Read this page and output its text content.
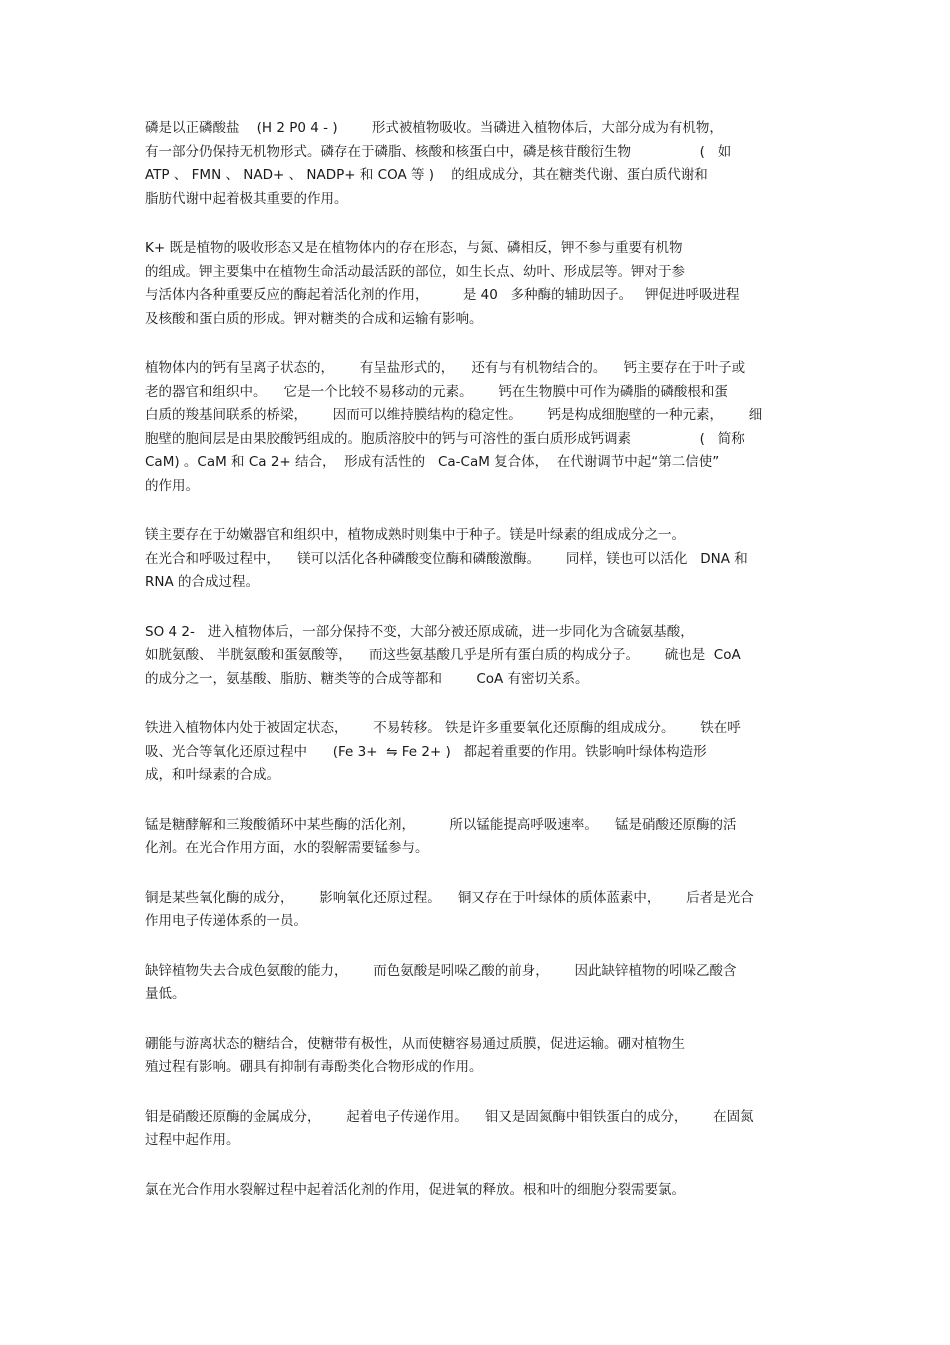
磷是以正磷酸盐    (H 2 P0 4 - )        形式被植物吸收。当磷进入植物体后，大部分成为有机物，
有一部分仍保持无机物形式。磷存在于磷脂、核酸和核蛋白中，磷是核苷酸衍生物                (   如
ATP 、 FMN 、 NAD+ 、 NADP+ 和 COA 等 )    的组成成分，其在糖类代谢、蛋白质代谢和
脂肪代谢中起着极其重要的作用。
K+ 既是植物的吸收形态又是在植物体内的存在形态，与氮、磷相反，钾不参与重要有机物
的组成。钾主要集中在植物生命活动最活跃的部位，如生长点、幼叶、形成层等。钾对于参
与活体内各种重要反应的酶起着活化剂的作用，        是 40   多种酶的辅助因子。   钾促进呼吸进程
及核酸和蛋白质的形成。钾对糖类的合成和运输有影响。
植物体内的钙有呈离子状态的，      有呈盐形式的，    还有与有机物结合的。    钙主要存在于叶子或
老的器官和组织中。    它是一个比较不易移动的元素。      钙在生物膜中可作为磷脂的磷酸根和蛋
白质的羧基间联系的桥梁，      因而可以维持膜结构的稳定性。      钙是构成细胞壁的一种元素，      细
胞壁的胞间层是由果胶酸钙组成的。胞质溶胶中的钙与可溶性的蛋白质形成钙调素                (   简称
CaM) 。CaM 和 Ca 2+ 结合，  形成有活性的   Ca-CaM 复合体，  在代谢调节中起“第二信使”
的作用。
镁主要存在于幼嫩器官和组织中，植物成熟时则集中于种子。镁是叶绿素的组成成分之一。
在光合和呼吸过程中，    镁可以活化各种磷酸变位酶和磷酸激酶。      同样，镁也可以活化   DNA 和
RNA 的合成过程。
SO 4 2-   进入植物体后，一部分保持不变，大部分被还原成硫，进一步同化为含硫氨基酸，
如胱氨酸、 半胱氨酸和蛋氨酸等，    而这些氨基酸几乎是所有蛋白质的构成分子。      硫也是  CoA
的成分之一，氨基酸、脂肪、糖类等的合成等都和        CoA 有密切关系。
铁进入植物体内处于被固定状态，      不易转移。 铁是许多重要氧化还原酶的组成成分。      铁在呼
吸、光合等氧化还原过程中      (Fe 3+  ⇋ Fe 2+ )   都起着重要的作用。铁影响叶绿体构造形
成，和叶绿素的合成。
锰是糖酵解和三羧酸循环中某些酶的活化剂，        所以锰能提高呼吸速率。    锰是硝酸还原酶的活
化剂。在光合作用方面，水的裂解需要锰参与。
铜是某些氧化酶的成分，      影响氧化还原过程。    铜又存在于叶绿体的质体蓝素中，      后者是光合
作用电子传递体系的一员。
缺锌植物失去合成色氨酸的能力，      而色氨酸是吲哚乙酸的前身，      因此缺锌植物的吲哚乙酸含
量低。
硼能与游离状态的糖结合，使糖带有极性，从而使糖容易通过质膜，促进运输。硼对植物生
殖过程有影响。硼具有抑制有毒酚类化合物形成的作用。
钼是硝酸还原酶的金属成分，      起着电子传递作用。    钼又是固氮酶中钼铁蛋白的成分，      在固氮
过程中起作用。
氯在光合作用水裂解过程中起着活化剂的作用，促进氧的释放。根和叶的细胞分裂需要氯。
